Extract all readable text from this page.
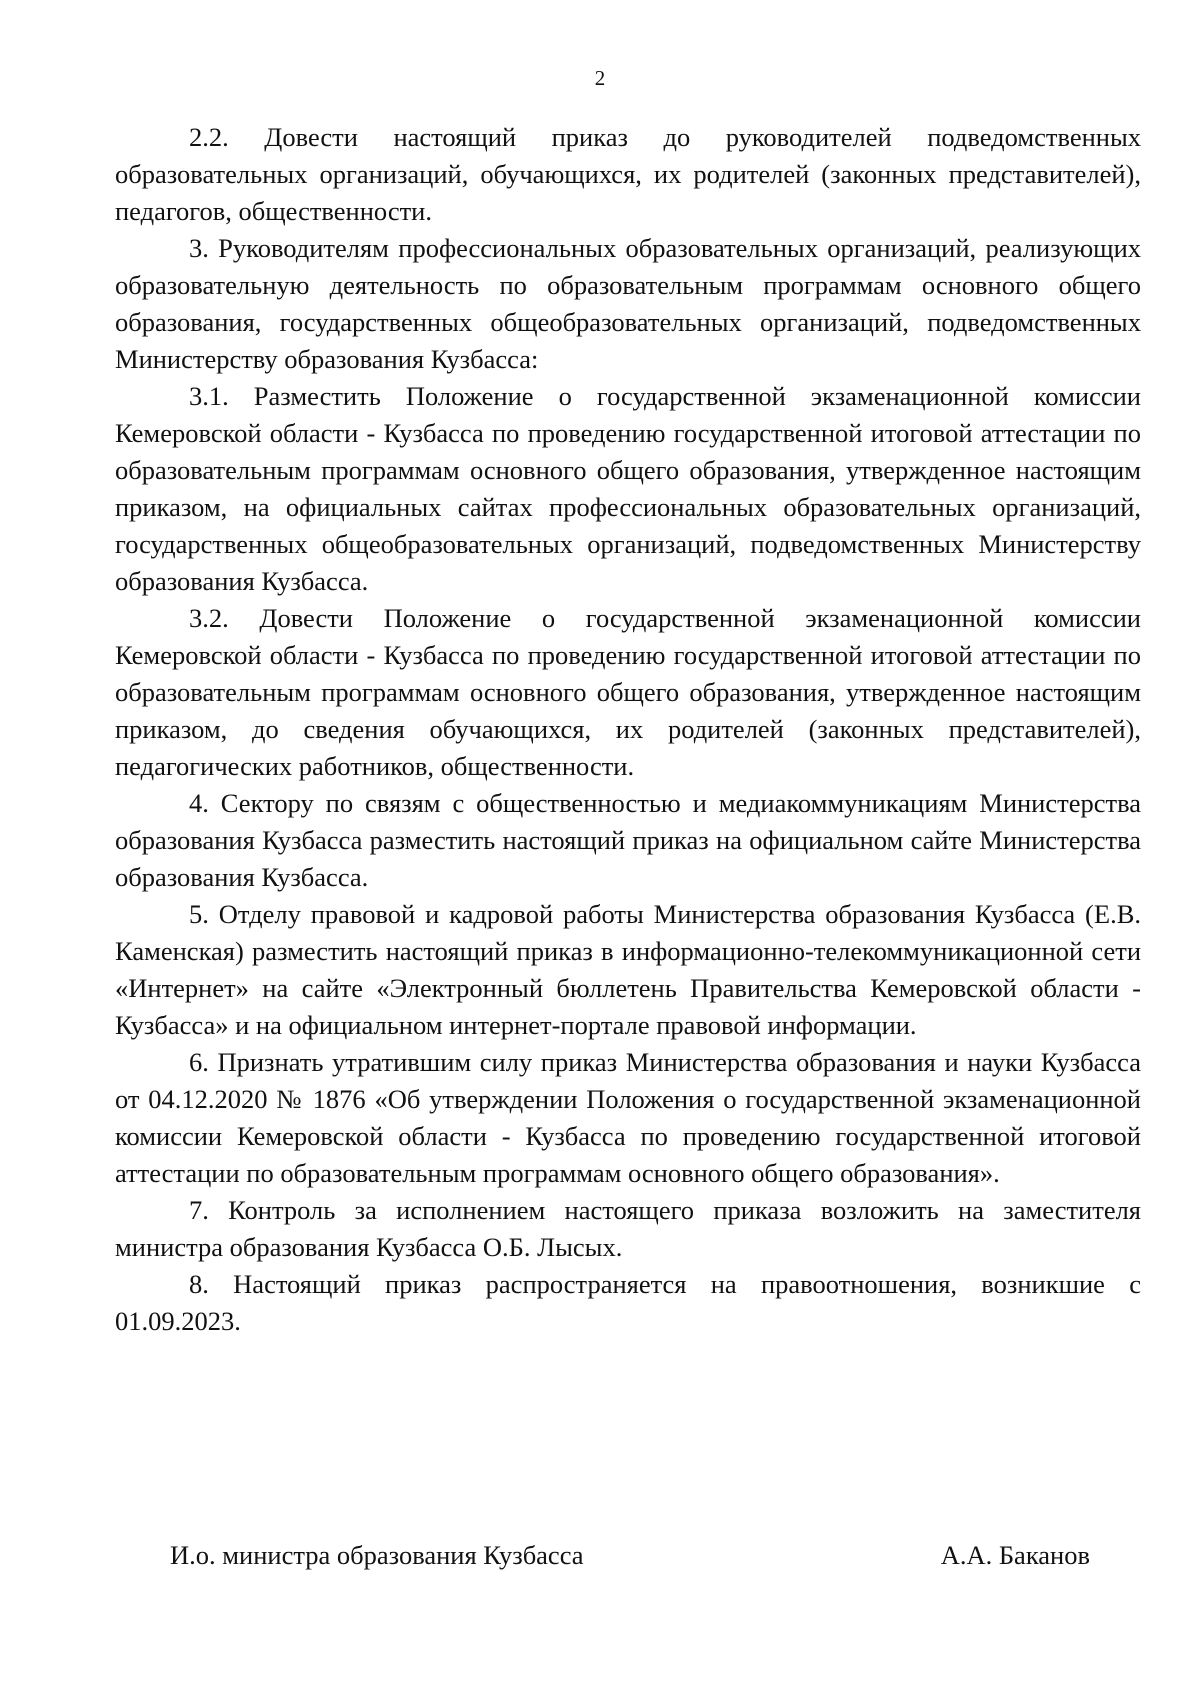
2

2.2. Довести настоящий приказ до руководителей подведомственных образовательных организаций, обучающихся, их родителей (законных представителей), педагогов, общественности.

3. Руководителям профессиональных образовательных организаций, реализующих образовательную деятельность по образовательным программам основного общего образования, государственных общеобразовательных организаций, подведомственных Министерству образования Кузбасса:

3.1. Разместить Положение о государственной экзаменационной комиссии Кемеровской области - Кузбасса по проведению государственной итоговой аттестации по образовательным программам основного общего образования, утвержденное настоящим приказом, на официальных сайтах профессиональных образовательных организаций, государственных общеобразовательных организаций, подведомственных Министерству образования Кузбасса.

3.2. Довести Положение о государственной экзаменационной комиссии Кемеровской области - Кузбасса по проведению государственной итоговой аттестации по образовательным программам основного общего образования, утвержденное настоящим приказом, до сведения обучающихся, их родителей (законных представителей), педагогических работников, общественности.

4. Сектору по связям с общественностью и медиакоммуникациям Министерства образования Кузбасса разместить настоящий приказ на официальном сайте Министерства образования Кузбасса.

5. Отделу правовой и кадровой работы Министерства образования Кузбасса (Е.В. Каменская) разместить настоящий приказ в информационно-телекоммуникационной сети «Интернет» на сайте «Электронный бюллетень Правительства Кемеровской области - Кузбасса» и на официальном интернет-портале правовой информации.

6. Признать утратившим силу приказ Министерства образования и науки Кузбасса от 04.12.2020 № 1876 «Об утверждении Положения о государственной экзаменационной комиссии Кемеровской области - Кузбасса по проведению государственной итоговой аттестации по образовательным программам основного общего образования».

7. Контроль за исполнением настоящего приказа возложить на заместителя министра образования Кузбасса О.Б. Лысых.

8. Настоящий приказ распространяется на правоотношения, возникшие с 01.09.2023.

И.о. министра образования Кузбасса	А.А. Баканов
